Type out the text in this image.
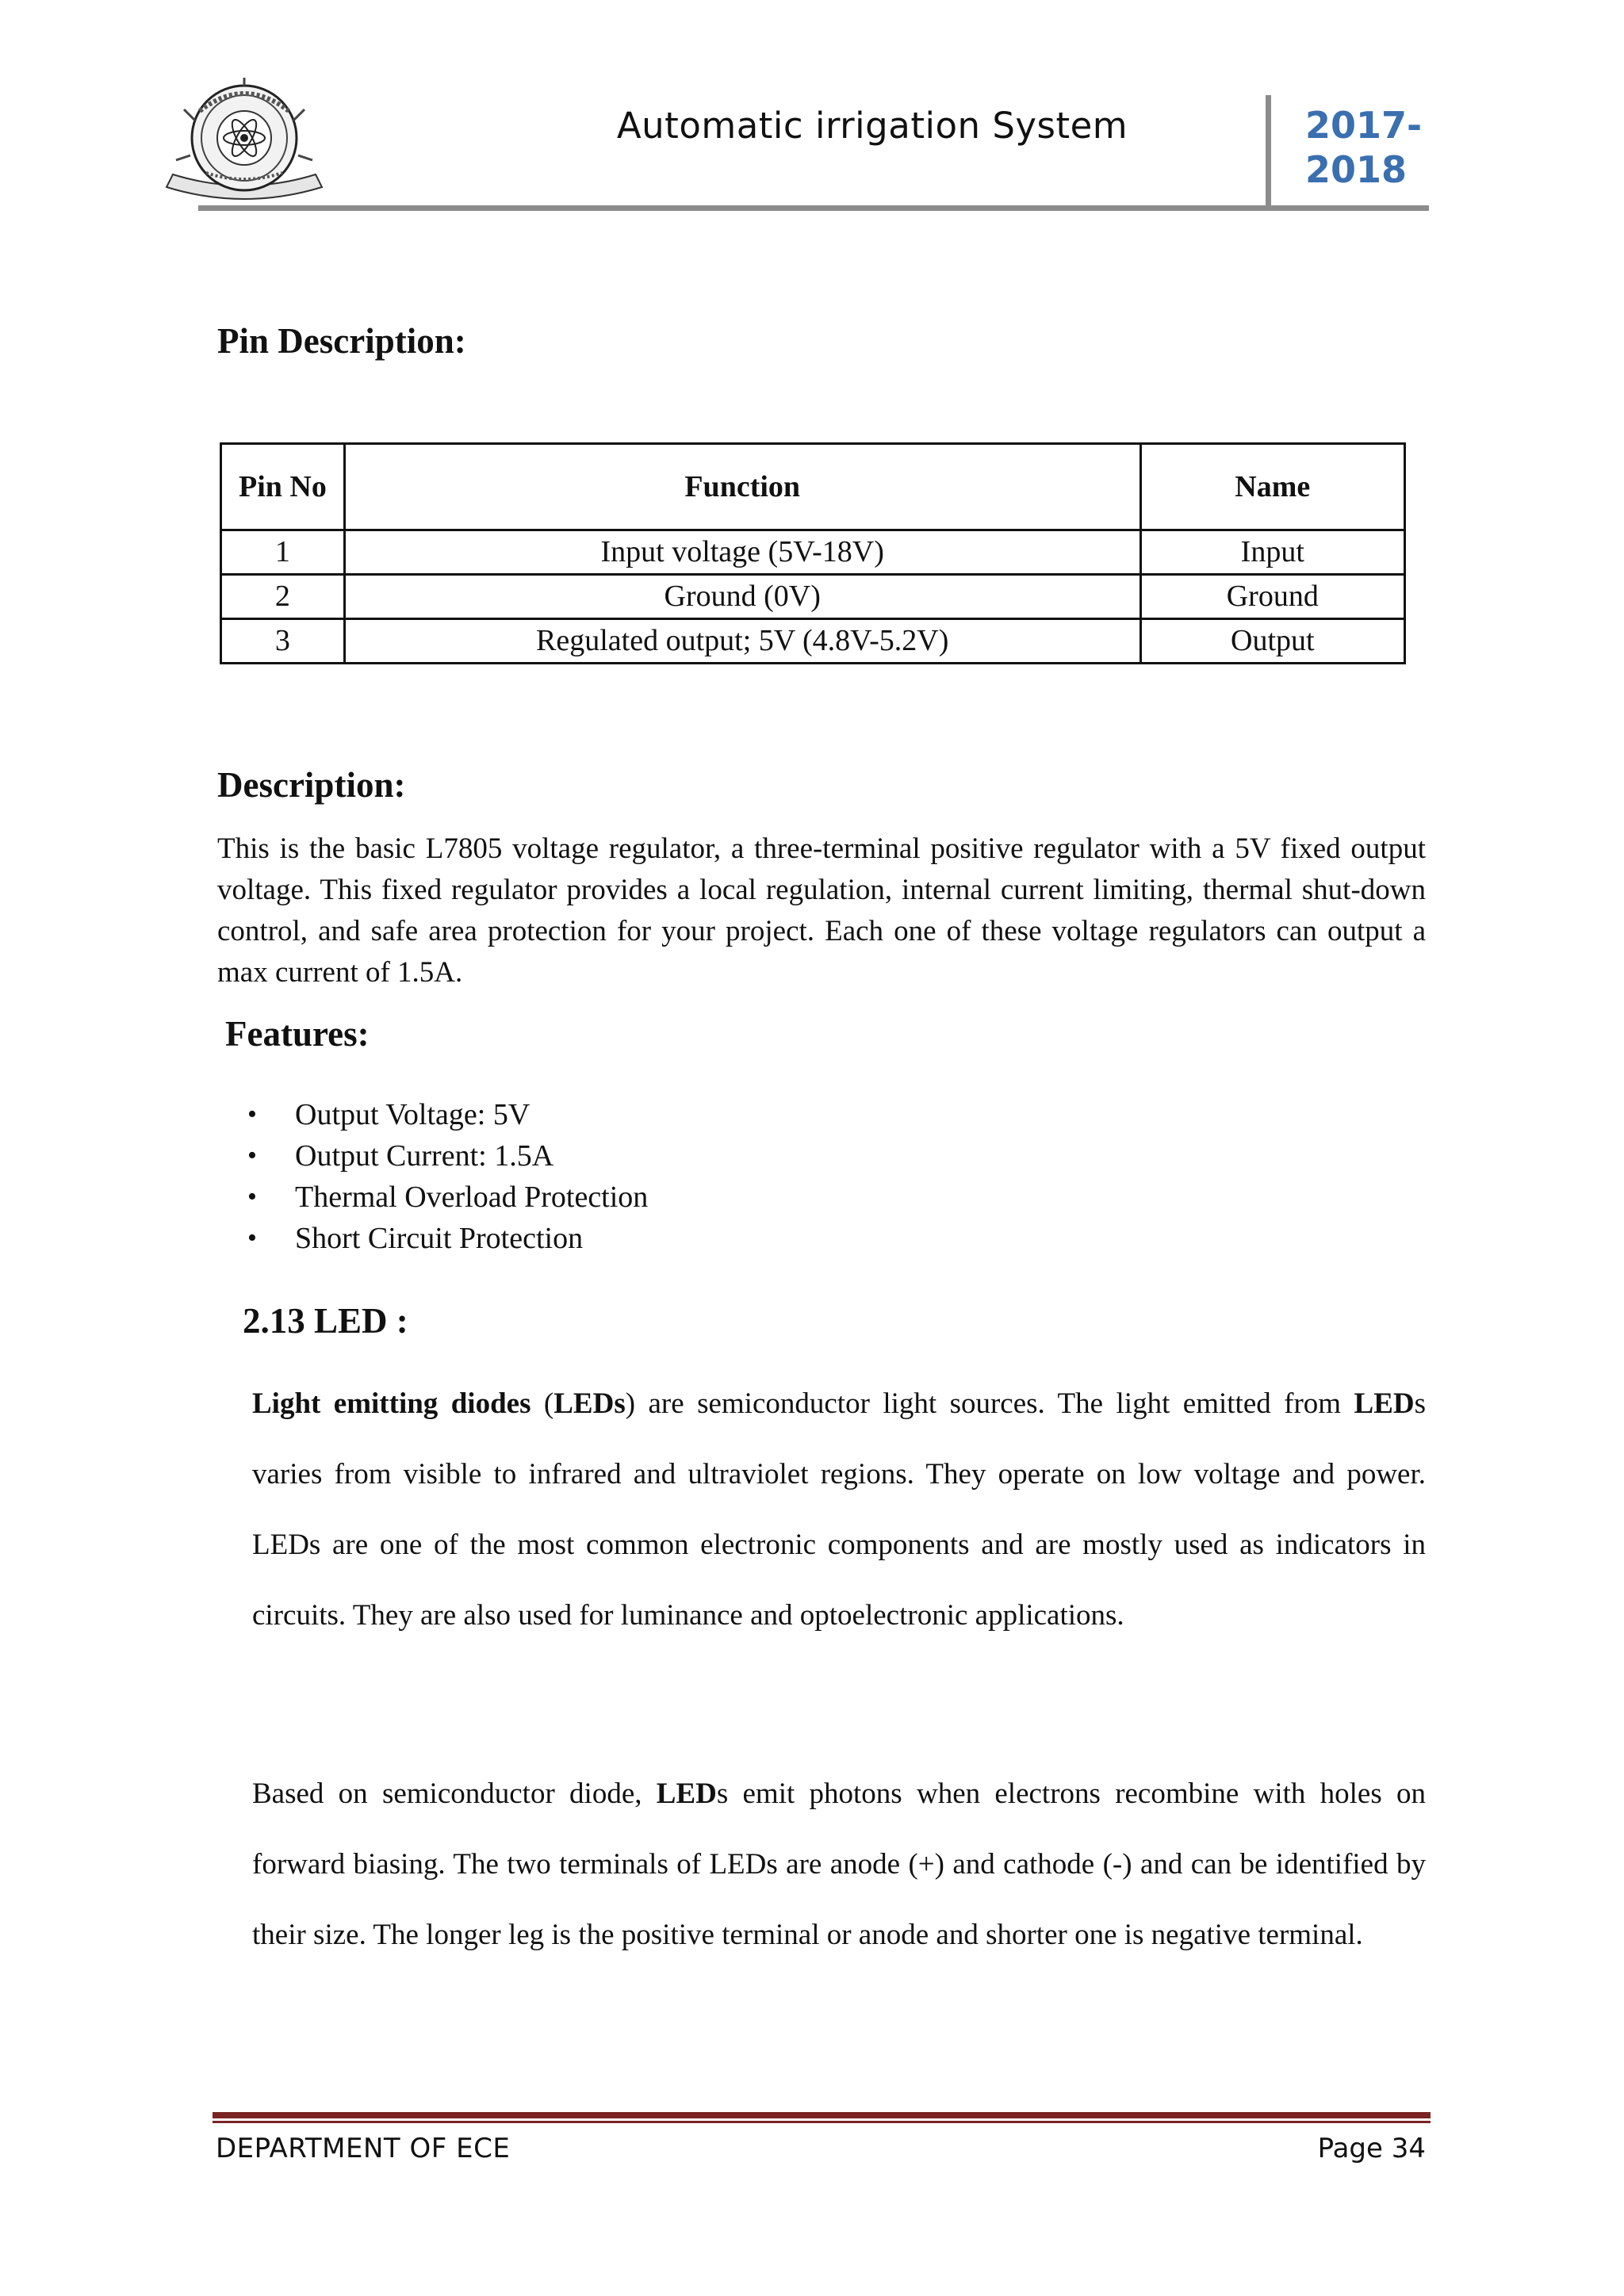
Automatic irrigation System	2017-
2018
Pin Description:
Pin No	Function	Name
1	Input voltage (5V-18V)	Input
2	Ground (0V)	Ground
3	Regulated output; 5V (4.8V-5.2V)	Output
Description:
This is the basic L7805 voltage regulator, a three-terminal positive regulator with a 5V fixed output voltage. This fixed regulator provides a local regulation, internal current limiting, thermal shut-down control, and safe area protection for your project. Each one of these voltage regulators can output a max current of 1.5A.
Features:
• Output Voltage: 5V
• Output Current: 1.5A
• Thermal Overload Protection
• Short Circuit Protection
2.13 LED :

Light emitting diodes (LEDs) are semiconductor light sources. The light emitted from LEDs varies from visible to infrared and ultraviolet regions. They operate on low voltage and power. LEDs are one of the most common electronic components and are mostly used as indicators in circuits. They are also used for luminance and optoelectronic applications.

Based on semiconductor diode, LEDs emit photons when electrons recombine with holes on forward biasing. The two terminals of LEDs are anode (+) and cathode (-) and can be identified by their size. The longer leg is the positive terminal or anode and shorter one is negative terminal.

DEPARTMENT OF ECE	Page 34
